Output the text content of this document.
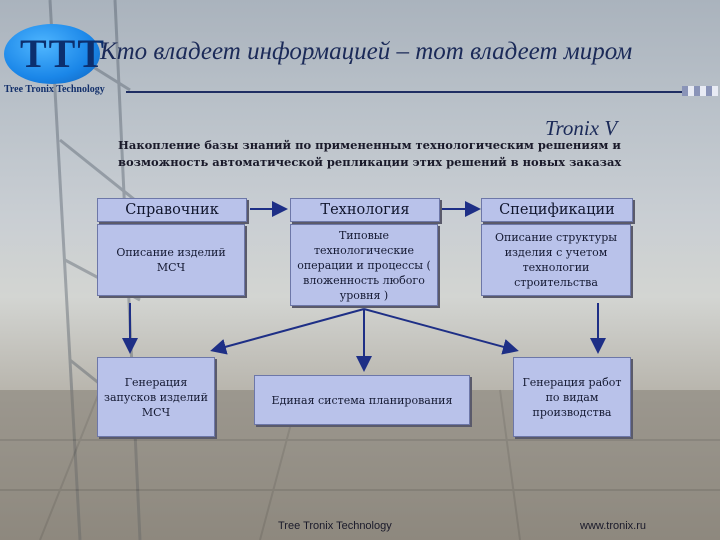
TTT
Tree Tronix Technology
Кто владеет информацией – тот владеет миром
Tronix V
Накопление базы знаний по примененным технологическим решениям и возможность автоматической репликации этих решений в новых заказах
Справочник	Технология	Спецификации
Описание изделий МСЧ
Типовые технологические операции и процессы ( вложенность любого уровня )
Описание структуры изделия с учетом технологии строительства
Генерация запусков изделий МСЧ
Единая система планирования
Генерация работ по видам производства
Tree Tronix Technology	www.tronix.ru
